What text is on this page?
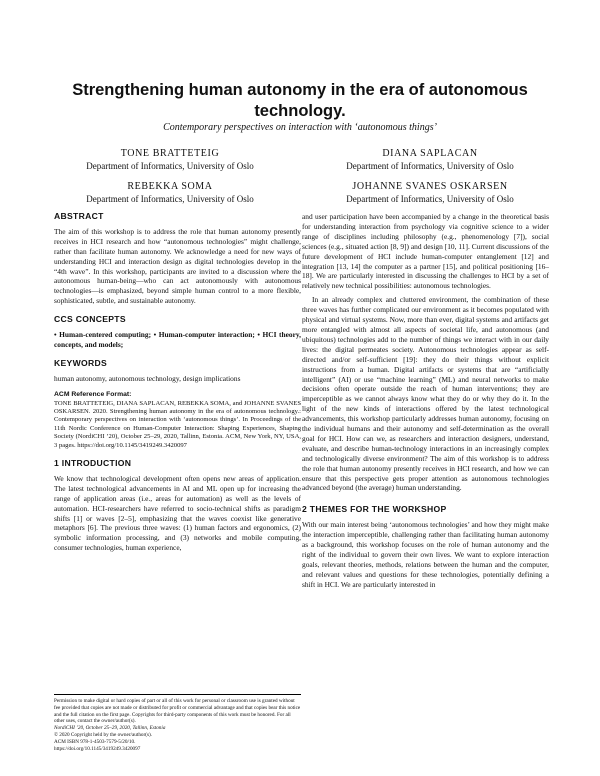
Strengthening human autonomy in the era of autonomous technology.
Contemporary perspectives on interaction with ‘autonomous things’
TONE BRATTETEIG
Department of Informatics, University of Oslo
DIANA SAPLACAN
Department of Informatics, University of Oslo
REBEKKA SOMA
Department of Informatics, University of Oslo
JOHANNE SVANES OSKARSEN
Department of Informatics, University of Oslo
ABSTRACT

The aim of this workshop is to address the role that human autonomy presently receives in HCI research and how “autonomous technologies” might challenge, rather than facilitate human autonomy. We acknowledge a need for new ways of understanding HCI and interaction design as digital technologies develop in the “4th wave”. In this workshop, participants are invited to a discussion where the autonomous human-being—who can act autonomously with autonomous technologies—is emphasized, beyond simple human control to a more flexible, sophisticated, subtle, and sustainable autonomy.

CCS CONCEPTS

• Human-centered computing; • Human-computer interaction; • HCI theory, concepts, and models;

KEYWORDS

human autonomy, autonomous technology, design implications

ACM Reference Format:

TONE BRATTETEIG, DIANA SAPLACAN, REBEKKA SOMA, and JOHANNE SVANES OSKARSEN. 2020. Strengthening human autonomy in the era of autonomous technology.: Contemporary perspectives on interaction with ‘autonomous things’. In Proceedings of the 11th Nordic Conference on Human-Computer Interaction: Shaping Experiences, Shaping Society (NordiCHI ’20), October 25–29, 2020, Tallinn, Estonia. ACM, New York, NY, USA, 3 pages. https://doi.org/10.1145/3419249.3420097

1 INTRODUCTION

We know that technological development often opens new areas of application. The latest technological advancements in AI and ML open up for increasing the range of application areas (i.e., areas for automation) as well as the levels of automation. HCI-researchers have referred to socio-technical shifts as paradigm shifts [1] or waves [2–5], emphasizing that the waves coexist like generative metaphors [6]. The previous three waves: (1) human factors and ergonomics, (2) symbolic information processing, and (3) networks and mobile computing, consumer technologies, human experience,

Permission to make digital or hard copies of part or all of this work for personal or classroom use is granted without fee provided that copies are not made or distributed for profit or commercial advantage and that copies bear this notice and the full citation on the first page. Copyrights for third-party components of this work must be honored. For all other uses, contact the owner/author(s).
NordiCHI ’20, October 25–29, 2020, Tallinn, Estonia
© 2020 Copyright held by the owner/author(s).
ACM ISBN 978-1-4503-7579-5/20/10.
https://doi.org/10.1145/3419249.3420097

and user participation have been accompanied by a change in the theoretical basis for understanding interaction from psychology via cognitive science to a wider range of disciplines including philosophy (e.g., phenomenology [7]), social sciences (e.g., situated action [8, 9]) and design [10, 11]. Current discussions of the future development of HCI include human-computer entanglement [12] and integration [13, 14] the computer as a partner [15], and political positioning [16–18]. We are particularly interested in discussing the challenges to HCI by a set of relatively new technical possibilities: autonomous technologies.

In an already complex and cluttered environment, the combination of these three waves has further complicated our environment as it becomes populated with physical and virtual systems. Now, more than ever, digital systems and artifacts get more entangled with almost all aspects of societal life, and autonomous (and ubiquitous) technologies add to the number of things we interact with in our daily lives: the digital permeates society. Autonomous technologies appear as self-directed and/or self-sufficient [19]: they do their things without explicit instructions from a human. Digital artifacts or systems that are “artificially intelligent” (AI) or use “machine learning” (ML) and neural networks to make decisions often operate outside the reach of human interventions; they are imperceptible as we cannot always know what they do or why they do it. In the light of the new kinds of interactions offered by the latest technological advancements, this workshop particularly addresses human autonomy, focusing on the individual humans and their autonomy and self-determination as the overall goal for HCI. How can we, as researchers and interaction designers, understand, evaluate, and describe human-technology interactions in an increasingly complex and technologically diverse environment? The aim of this workshop is to address the role that human autonomy presently receives in HCI research, and how we can ensure that this perspective gets proper attention as autonomous technologies advanced beyond (the average) human understanding.

2 THEMES FOR THE WORKSHOP

With our main interest being ‘autonomous technologies’ and how they might make the interaction imperceptible, challenging rather than facilitating human autonomy as a background, this workshop focuses on the role of human autonomy and the right of the individual to govern their own lives. We want to explore interaction goals, relevant theories, methods, relations between the human and the computer, and relevant values and questions for these technologies, potentially defining a shift in HCI. We are particularly interested in
